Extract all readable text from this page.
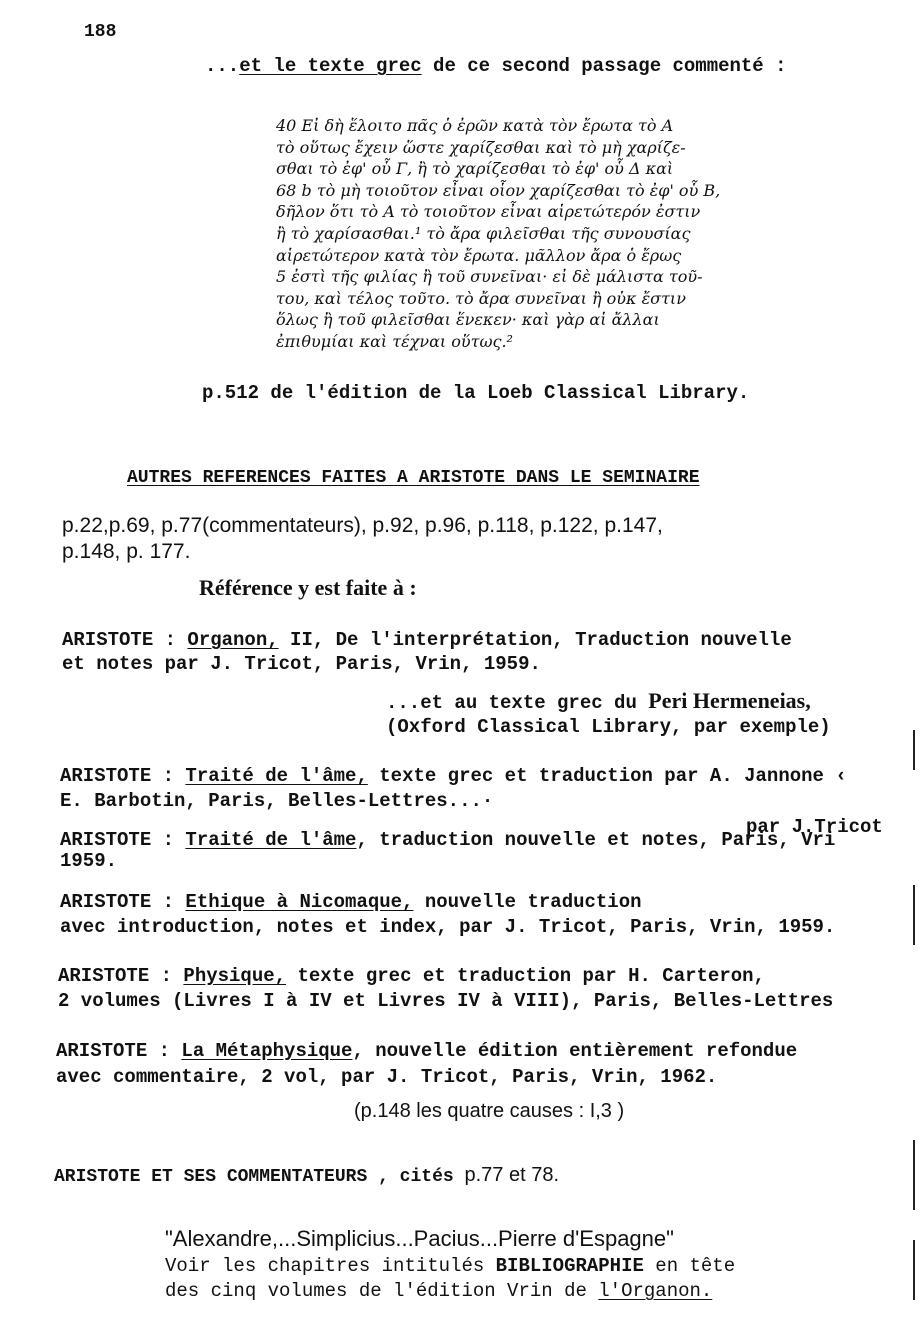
188
...et le texte grec de ce second passage commenté :
40 Εἰ δὴ ἕλοιτο πᾶς ὁ ἐρῶν κατὰ τὸν ἔρωτα τὸ Α
τὸ οὕτως ἔχειν ὥστε χαρίζεσθαι καὶ τὸ μὴ χαρίζε-
σθαι τὸ ἐφ' οὗ Γ, ἢ τὸ χαρίζεσθαι τὸ ἐφ' οὗ Δ καὶ
68 b τὸ μὴ τοιοῦτον εἶναι οἷον χαρίζεσθαι τὸ ἐφ' οὗ Β,
δῆλον ὅτι τὸ Α τὸ τοιοῦτον εἶναι αἱρετώτερόν ἐστιν
ἢ τὸ χαρίσασθαι.¹ τὸ ἄρα φιλεῖσθαι τῆς συνουσίας
αἱρετώτερον κατὰ τὸν ἔρωτα. μᾶλλον ἄρα ὁ ἔρως
5 ἐστὶ τῆς φιλίας ἢ τοῦ συνεῖναι· εἰ δὲ μάλιστα τοῦ-
του, καὶ τέλος τοῦτο. τὸ ἄρα συνεῖναι ἢ οὐκ ἔστιν
ὅλως ἢ τοῦ φιλεῖσθαι ἕνεκεν· καὶ γὰρ αἱ ἄλλαι
ἐπιθυμίαι καὶ τέχναι οὕτως.²
p.512 de l'édition de la Loeb Classical Library.
AUTRES REFERENCES FAITES A ARISTOTE DANS LE SEMINAIRE
p.22,p.69, p.77(commentateurs), p.92, p.96, p.118, p.122, p.147,
p.148, p. 177.
Référence y est faite à :
ARISTOTE : Organon, II, De l'interprétation, Traduction nouvelle
et notes par J. Tricot, Paris, Vrin, 1959.
...et au texte grec du Peri Hermeneias,
(Oxford Classical Library, par exemple)
ARISTOTE : Traité de l'âme, texte grec et traduction par A. Jannone ‹
E. Barbotin, Paris, Belles-Lettres...·
par J.Tricot
ARISTOTE : Traité de l'âme, traduction nouvelle et notes, Paris, Vri
1959.
ARISTOTE : Ethique à Nicomaque, nouvelle traduction
avec introduction, notes et index, par J. Tricot, Paris, Vrin, 1959.
ARISTOTE : Physique, texte grec et traduction par H. Carteron,
2 volumes (Livres I à IV et Livres IV à VIII), Paris, Belles-Lettres
ARISTOTE : La Métaphysique, nouvelle édition entièrement refondue
avec commentaire, 2 vol, par J. Tricot, Paris, Vrin, 1962.
(p.148 les quatre causes : I,3 )
ARISTOTE ET SES COMMENTATEURS , cités p.77 et 78.
"Alexandre,...Simplicius...Pacius...Pierre d'Espagne"
Voir les chapitres intitulés BIBLIOGRAPHIE en tête
des cinq volumes de l'édition Vrin de l'Organon.
